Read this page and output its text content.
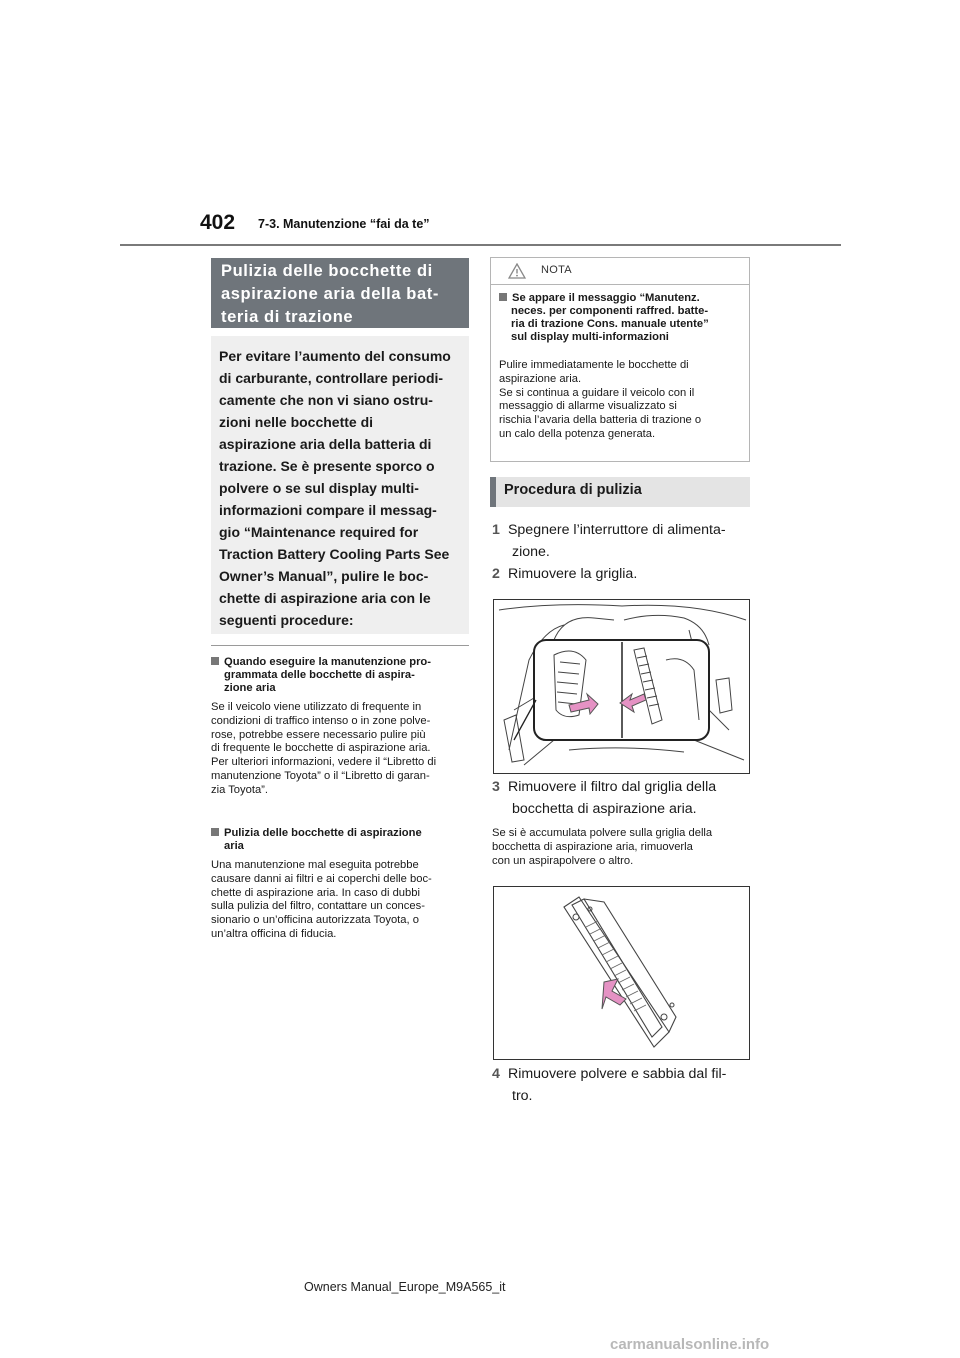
402 7-3. Manutenzione “fai da te”
Pulizia delle bocchette di
aspirazione aria della bat-
teria di trazione
Per evitare l’aumento del consumo
di carburante, controllare periodi-
camente che non vi siano ostru-
zioni nelle bocchette di
aspirazione aria della batteria di
trazione. Se è presente sporco o
polvere o se sul display multi-
informazioni compare il messag-
gio “Maintenance required for
Traction Battery Cooling Parts See
Owner’s Manual”, pulire le boc-
chette di aspirazione aria con le
seguenti procedure:
Quando eseguire la manutenzione pro-
grammata delle bocchette di aspira-
zione aria
Se il veicolo viene utilizzato di frequente in
condizioni di traffico intenso o in zone polve-
rose, potrebbe essere necessario pulire più
di frequente le bocchette di aspirazione aria.
Per ulteriori informazioni, vedere il “Libretto di
manutenzione Toyota” o il “Libretto di garan-
zia Toyota”.
Pulizia delle bocchette di aspirazione
aria
Una manutenzione mal eseguita potrebbe
causare danni ai filtri e ai coperchi delle boc-
chette di aspirazione aria. In caso di dubbi
sulla pulizia del filtro, contattare un conces-
sionario o un’officina autorizzata Toyota, o
un’altra officina di fiducia.
NOTA
Se appare il messaggio “Manutenz.
neces. per componenti raffred. batte-
ria di trazione Cons. manuale utente”
sul display multi-informazioni
Pulire immediatamente le bocchette di
aspirazione aria.
Se si continua a guidare il veicolo con il
messaggio di allarme visualizzato si
rischia l’avaria della batteria di trazione o
un calo della potenza generata.
Procedura di pulizia
1 Spegnere l’interruttore di alimenta-
zione.
2 Rimuovere la griglia.
3 Rimuovere il filtro dal griglia della
bocchetta di aspirazione aria.
Se si è accumulata polvere sulla griglia della
bocchetta di aspirazione aria, rimuoverla
con un aspirapolvere o altro.
4 Rimuovere polvere e sabbia dal fil-
tro.
Owners Manual_Europe_M9A565_it
carmanualsonline.info
